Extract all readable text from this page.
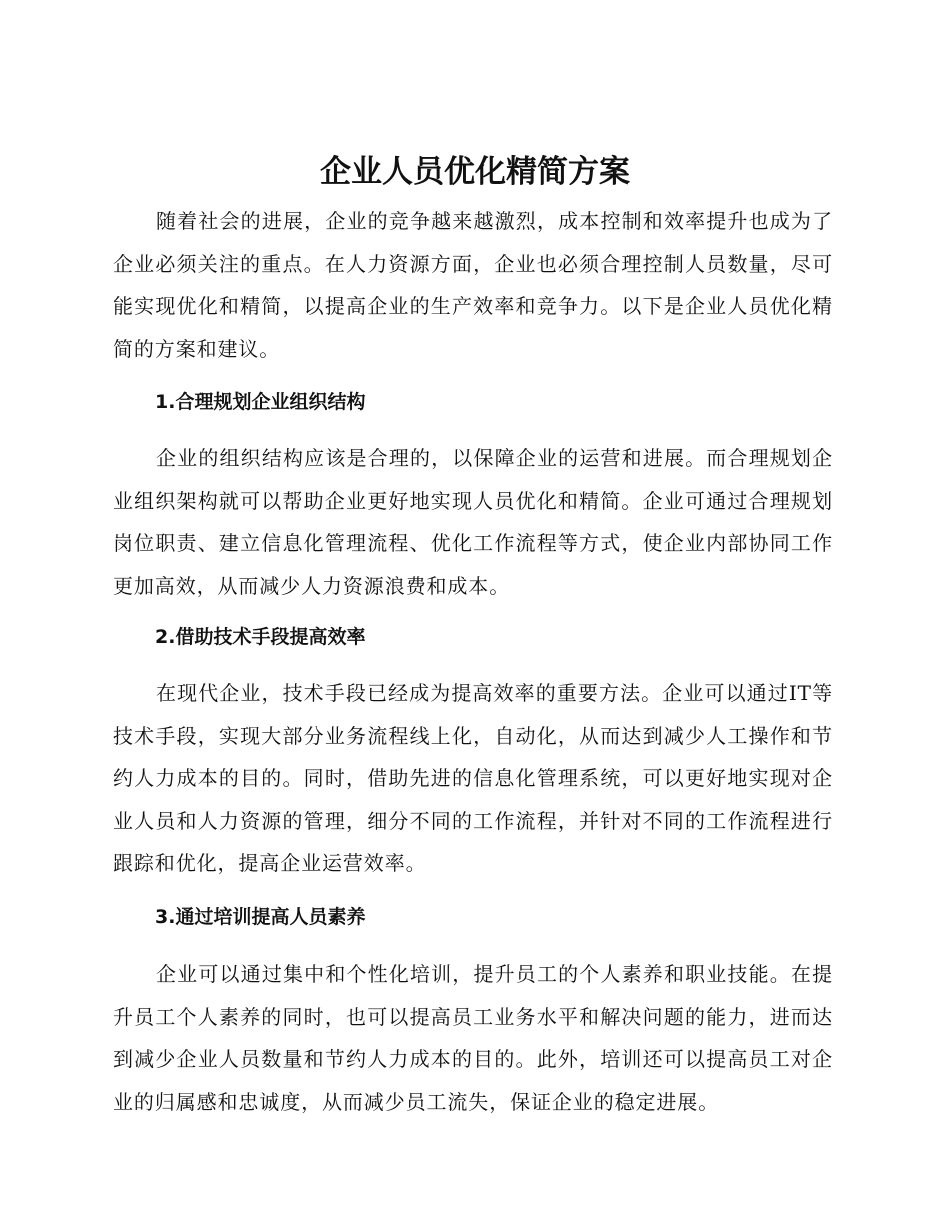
企业人员优化精简方案

随着社会的进展，企业的竞争越来越激烈，成本控制和效率提升也成为了企业必须关注的重点。在人力资源方面，企业也必须合理控制人员数量，尽可能实现优化和精简，以提高企业的生产效率和竞争力。以下是企业人员优化精简的方案和建议。

1.合理规划企业组织结构

企业的组织结构应该是合理的，以保障企业的运营和进展。而合理规划企业组织架构就可以帮助企业更好地实现人员优化和精简。企业可通过合理规划岗位职责、建立信息化管理流程、优化工作流程等方式，使企业内部协同工作更加高效，从而减少人力资源浪费和成本。

2.借助技术手段提高效率

在现代企业，技术手段已经成为提高效率的重要方法。企业可以通过IT等技术手段，实现大部分业务流程线上化，自动化，从而达到减少人工操作和节约人力成本的目的。同时，借助先进的信息化管理系统，可以更好地实现对企业人员和人力资源的管理，细分不同的工作流程，并针对不同的工作流程进行跟踪和优化，提高企业运营效率。

3.通过培训提高人员素养

企业可以通过集中和个性化培训，提升员工的个人素养和职业技能。在提升员工个人素养的同时，也可以提高员工业务水平和解决问题的能力，进而达到减少企业人员数量和节约人力成本的目的。此外，培训还可以提高员工对企业的归属感和忠诚度，从而减少员工流失，保证企业的稳定进展。
